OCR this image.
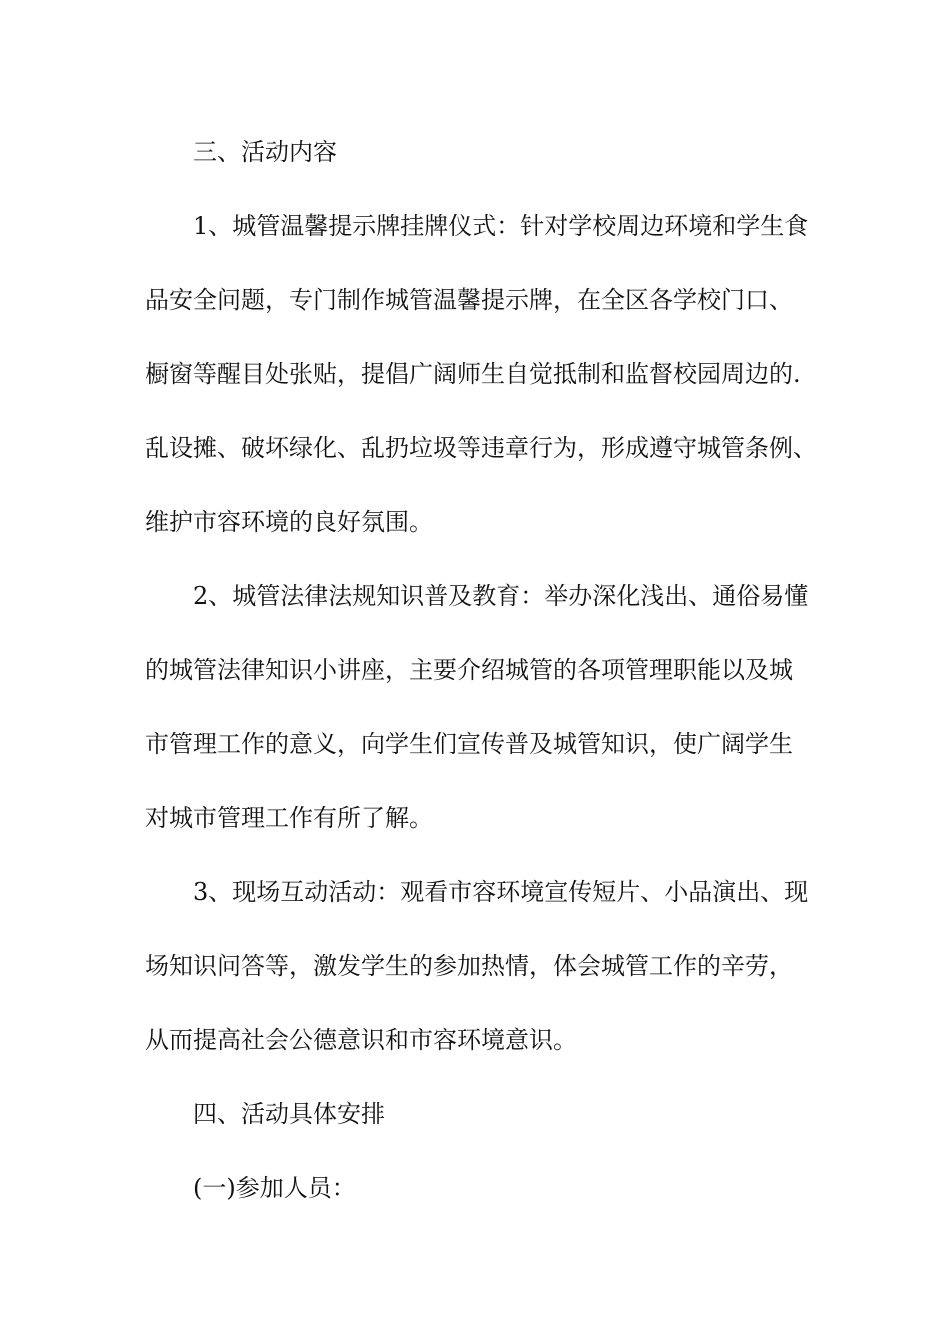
三、活动内容
1、城管温馨提示牌挂牌仪式：针对学校周边环境和学生食
品安全问题，专门制作城管温馨提示牌，在全区各学校门口、
橱窗等醒目处张贴，提倡广阔师生自觉抵制和监督校园周边的.
乱设摊、破坏绿化、乱扔垃圾等违章行为，形成遵守城管条例、
维护市容环境的良好氛围。
2、城管法律法规知识普及教育：举办深化浅出、通俗易懂
的城管法律知识小讲座，主要介绍城管的各项管理职能以及城
市管理工作的意义，向学生们宣传普及城管知识，使广阔学生
对城市管理工作有所了解。
3、现场互动活动：观看市容环境宣传短片、小品演出、现
场知识问答等，激发学生的参加热情，体会城管工作的辛劳，
从而提高社会公德意识和市容环境意识。
四、活动具体安排
(一)参加人员：
